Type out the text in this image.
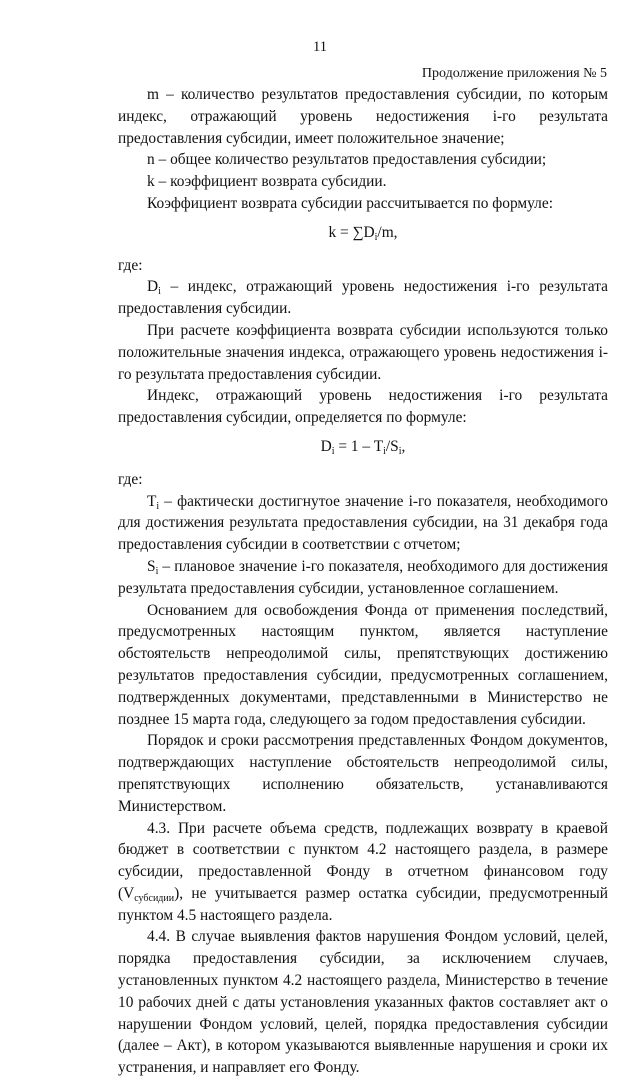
11
Продолжение приложения № 5

m – количество результатов предоставления субсидии, по которым индекс, отражающий уровень недостижения i-го результата предоставления субсидии, имеет положительное значение;

n – общее количество результатов предоставления субсидии;

k – коэффициент возврата субсидии.

Коэффициент возврата субсидии рассчитывается по формуле:

$k = \sum D_i/m$,

где:

$D_i$ – индекс, отражающий уровень недостижения i-го результата предоставления субсидии.

При расчете коэффициента возврата субсидии используются только положительные значения индекса, отражающего уровень недостижения i-го результата предоставления субсидии.

Индекс, отражающий уровень недостижения i-го результата предоставления субсидии, определяется по формуле:

$D_i = 1 - T_i/S_i$,

где:

$T_i$ – фактически достигнутое значение i-го показателя, необходимого для достижения результата предоставления субсидии, на 31 декабря года предоставления субсидии в соответствии с отчетом;

$S_i$ – плановое значение i-го показателя, необходимого для достижения результата предоставления субсидии, установленное соглашением.

Основанием для освобождения Фонда от применения последствий, предусмотренных настоящим пунктом, является наступление обстоятельств непреодолимой силы, препятствующих достижению результатов предоставления субсидии, предусмотренных соглашением, подтвержденных документами, представленными в Министерство не позднее 15 марта года, следующего за годом предоставления субсидии.

Порядок и сроки рассмотрения представленных Фондом документов, подтверждающих наступление обстоятельств непреодолимой силы, препятствующих исполнению обязательств, устанавливаются Министерством.

4.3. При расчете объема средств, подлежащих возврату в краевой бюджет в соответствии с пунктом 4.2 настоящего раздела, в размере субсидии, предоставленной Фонду в отчетном финансовом году $(V_{субсидии})$, не учитывается размер остатка субсидии, предусмотренный пунктом 4.5 настоящего раздела.

4.4. В случае выявления фактов нарушения Фондом условий, целей, порядка предоставления субсидии, за исключением случаев, установленных пунктом 4.2 настоящего раздела, Министерство в течение 10 рабочих дней с даты установления указанных фактов составляет акт о нарушении Фондом условий, целей, порядка предоставления субсидии (далее – Акт), в котором указываются выявленные нарушения и сроки их устранения, и направляет его Фонду.
